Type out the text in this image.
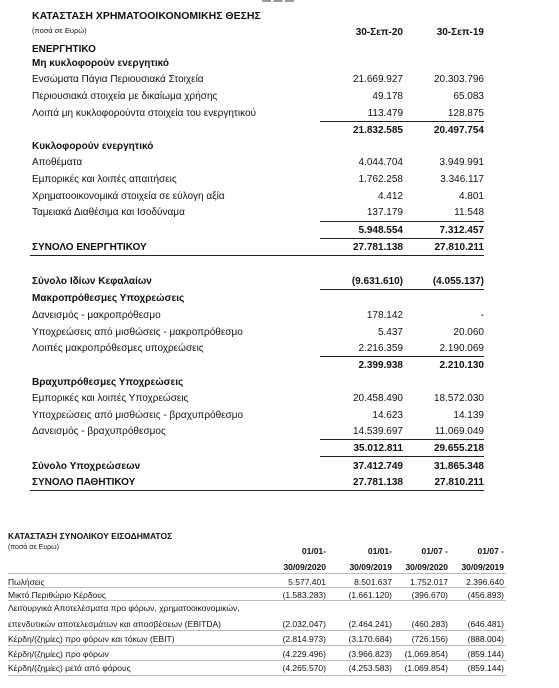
ΚΑΤΑΣΤΑΣΗ ΧΡΗΜΑΤΟΟΙΚΟΝΟΜΙΚΗΣ ΘΕΣΗΣ
(ποσά σε Ευρώ)	30-Σεπ-20	30-Σεπ-19
ΕΝΕΡΓΗΤΙΚΟ
Μη κυκλοφορούν ενεργητικό
Ενσώματα Πάγια Περιουσιακά Στοιχεία	21.669.927	20.303.796
Περιουσιακά στοιχεία με δικαίωμα χρήσης	49.178	65.083
Λοιπά μη κυκλοφορούντα στοιχεία του ενεργητικού	113.479	128.875
21.832.585	20.497.754
Κυκλοφορούν ενεργητικό
Αποθέματα	4.044.704	3.949.991
Εμπορικές και λοιπές απαιτήσεις	1.762.258	3.346.117
Χρηματοοικονομικά στοιχεία σε εύλογη αξία	4.412	4.801
Ταμειακά Διαθέσιμα και Ισοδύναμα	137.179	11.548
5.948.554	7.312.457
ΣΥΝΟΛΟ ΕΝΕΡΓΗΤΙΚΟΥ	27.781.138	27.810.211
Σύνολο Ιδίων Κεφαλαίων	(9.631.610)	(4.055.137)
Μακροπρόθεσμες Υποχρεώσεις
Δανεισμός - μακροπρόθεσμο	178.142	-
Υποχρεώσεις από μισθώσεις - μακροπρόθεσμο	5.437	20.060
Λοιπές μακροπρόθεσμες υποχρεώσεις	2.216.359	2.190.069
2.399.938	2.210.130
Βραχυπρόθεσμες Υποχρεώσεις
Εμπορικές και λοιπές Υποχρεώσεις	20.458.490	18.572.030
Υποχρεώσεις από μισθώσεις - βραχυπρόθεσμο	14.623	14.139
Δανεισμός - βραχυπρόθεσμος	14.539.697	11.069.049
35.012.811	29.655.218
Σύνολο Υποχρεώσεων	37.412.749	31.865.348
ΣΥΝΟΛΟ ΠΑΘΗΤΙΚΟΥ	27.781.138	27.810.211
ΚΑΤΑΣΤΑΣΗ ΣΥΝΟΛΙΚΟΥ ΕΙΣΟΔΗΜΑΤΟΣ
(ποσά σε Ευρώ)	01/01-	01/01-	01/07 -	01/07 -
30/09/2020	30/09/2019	30/09/2020	30/09/2019
Πωλήσεις	5.577.401	8.501.637	1.752.017	2.396.640
Μικτό Περιθώριο Κέρδους	(1.583.283)	(1.661.120)	(396.670)	(456.893)
Λειτουργικά Αποτελέσματα προ φόρων, χρηματοοικονομικών,
επενδυτικών αποτελεσμάτων και αποσβέσεων (EBITDA)	(2.032.047)	(2.464.241)	(460.283)	(646.481)
Κέρδη/(ζημίες) προ φόρων και τόκων (EBIT)	(2.814.973)	(3.170.684)	(726.156)	(888.004)
Κέρδη/(ζημίες) προ φόρων	(4.229.496)	(3.966.823)	(1.069.854)	(859.144)
Κέρδη/(ζημίες) μετά από φόρους	(4.265.570)	(4.253.583)	(1.069.854)	(859.144)
